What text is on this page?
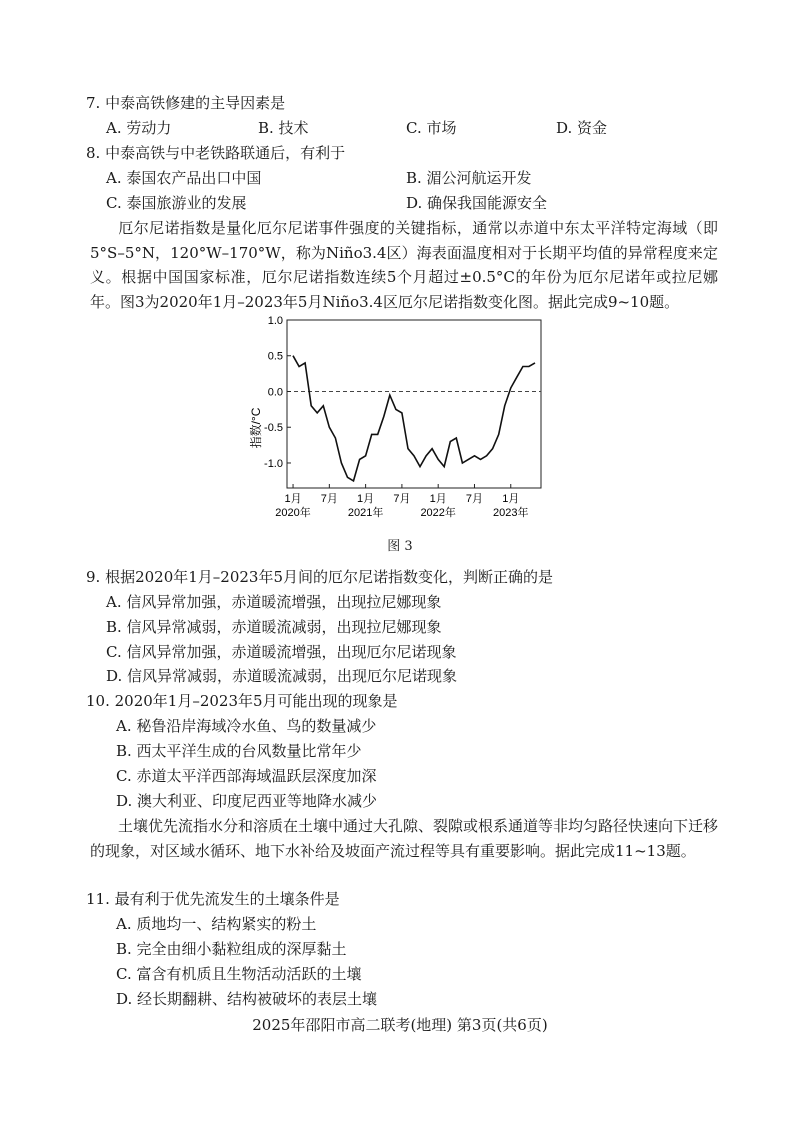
7. 中泰高铁修建的主导因素是
A. 劳动力	B. 技术	C. 市场	D. 资金
8. 中泰高铁与中老铁路联通后，有利于
A. 泰国农产品出口中国	B. 湄公河航运开发
C. 泰国旅游业的发展	D. 确保我国能源安全
厄尔尼诺指数是量化厄尔尼诺事件强度的关键指标，通常以赤道中东太平洋特定海域（即5°S–5°N，120°W–170°W，称为Niño3.4区）海表面温度相对于长期平均值的异常程度来定义。根据中国国家标准，厄尔尼诺指数连续5个月超过±0.5°C的年份为厄尔尼诺年或拉尼娜年。图3为2020年1月–2023年5月Niño3.4区厄尔尼诺指数变化图。据此完成9~10题。
1.0
0.5
0.0
-0.5
-1.0
1月 7月 1月 7月 1月 7月 1月
2020年	2021年	2022年	2023年
指数/°C
图 3
9. 根据2020年1月–2023年5月间的厄尔尼诺指数变化，判断正确的是
A. 信风异常加强，赤道暖流增强，出现拉尼娜现象
B. 信风异常减弱，赤道暖流减弱，出现拉尼娜现象
C. 信风异常加强，赤道暖流增强，出现厄尔尼诺现象
D. 信风异常减弱，赤道暖流减弱，出现厄尔尼诺现象
10. 2020年1月–2023年5月可能出现的现象是
A. 秘鲁沿岸海域冷水鱼、鸟的数量减少
B. 西太平洋生成的台风数量比常年少
C. 赤道太平洋西部海域温跃层深度加深
D. 澳大利亚、印度尼西亚等地降水减少
土壤优先流指水分和溶质在土壤中通过大孔隙、裂隙或根系通道等非均匀路径快速向下迁移的现象，对区域水循环、地下水补给及坡面产流过程等具有重要影响。据此完成11~13题。
11. 最有利于优先流发生的土壤条件是
A. 质地均一、结构紧实的粉土
B. 完全由细小黏粒组成的深厚黏土
C. 富含有机质且生物活动活跃的土壤
D. 经长期翻耕、结构被破坏的表层土壤
2025年邵阳市高二联考(地理) 第3页(共6页)
